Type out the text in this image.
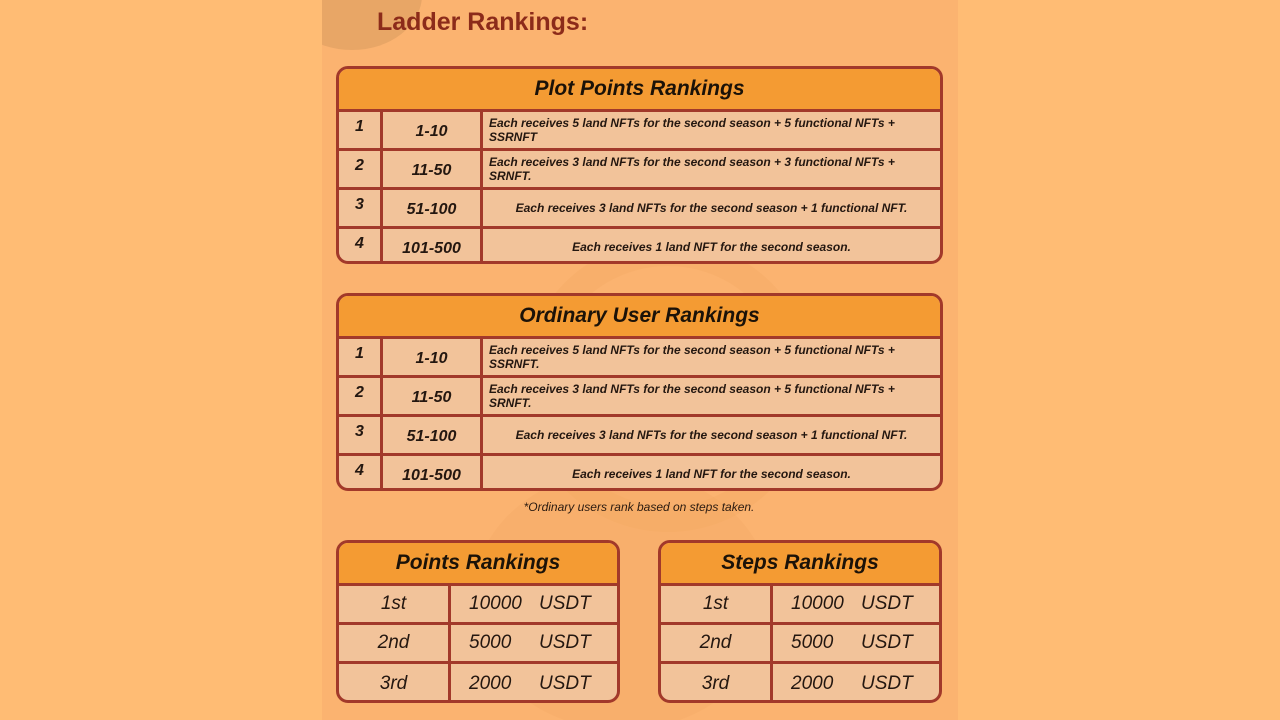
Ladder Rankings:
Plot Points Rankings
1	1-10	Each receives 5 land NFTs for the second season + 5 functional NFTs + SSRNFT
2	11-50	Each receives 3 land NFTs for the second season + 3 functional NFTs + SRNFT.
3	51-100	Each receives 3 land NFTs for the second season + 1 functional NFT.
4	101-500	Each receives 1 land NFT for the second season.
Ordinary User Rankings
1	1-10	Each receives 5 land NFTs for the second season + 5 functional NFTs + SSRNFT.
2	11-50	Each receives 3 land NFTs for the second season + 5 functional NFTs + SRNFT.
3	51-100	Each receives 3 land NFTs for the second season + 1 functional NFT.
4	101-500	Each receives 1 land NFT for the second season.
*Ordinary users rank based on steps taken.
Points Rankings
1st	10000 USDT
2nd	5000	USDT
3rd	2000	USDT
Steps Rankings
1st	10000 USDT
2nd	5000	USDT
3rd	2000	USDT
